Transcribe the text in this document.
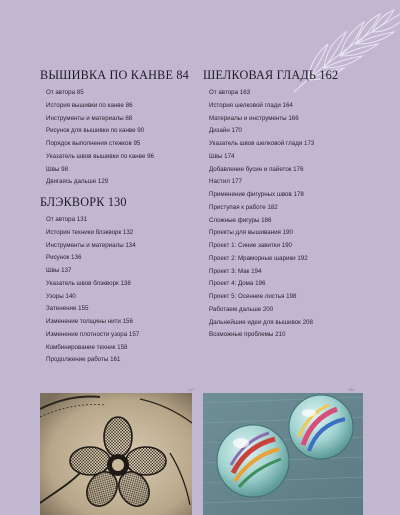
ВЫШИВКА ПО КАНВЕ 84
От автора 85
История вышивки по канве 86
Инструменты и материалы 88
Рисунок для вышивки по канве 90
Порядок выполнения стежков 95
Указатель швов вышивки по канве 96
Швы 98
Двигаясь дальше 129
БЛЭКВОРК 130
От автора 131
История техники блэкворк 132
Инструменты и материалы 134
Рисунок 136
Швы 137
Указатель швов блэкворк 138
Узоры 140
Затенение 155
Изменение толщины нити 156
Изменение плотности узора 157
Комбинирование техник 158
Продолжение работы 161
ШЕЛКОВАЯ ГЛАДЬ 162
От автора 163
История шелковой глади 164
Материалы и инструменты 166
Дизайн 170
Указатель швов шелковой глади 173
Швы 174
Добавление бусин и пайеток 176
Настил 177
Применение фигурных швов 178
Приступая к работе 182
Сложные фигуры 186
Проекты для вышивания 190
Проект 1: Синие завитки 190
Проект 2: Мраморные шарики 192
Проект 3: Мак 194
Проект 4: Дома 196
Проект 5: Осенние листья 198
Работаем дальше 200
Дальнейшие идеи для вышивок 208
Возможные проблемы 210
127	181
